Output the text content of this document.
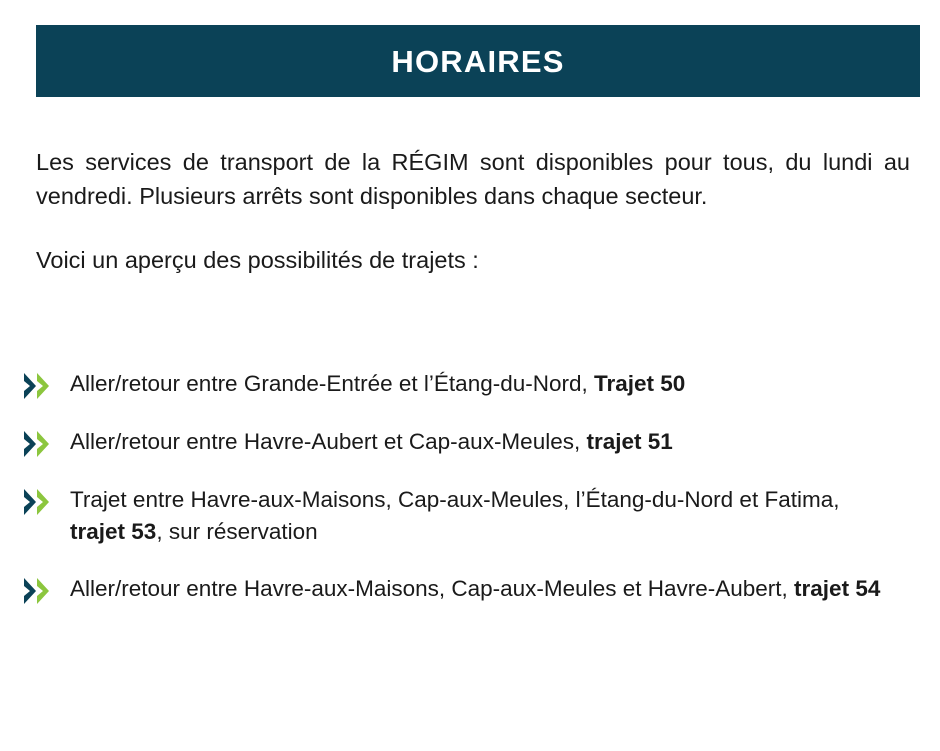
HORAIRES

Les services de transport de la RÉGIM sont disponibles pour tous, du lundi au vendredi. Plusieurs arrêts sont disponibles dans chaque secteur.

Voici un aperçu des possibilités de trajets :

Aller/retour entre Grande-Entrée et l’Étang-du-Nord, Trajet 50
Aller/retour entre Havre-Aubert et Cap-aux-Meules, trajet 51
Trajet entre Havre-aux-Maisons, Cap-aux-Meules, l’Étang-du-Nord et Fatima, trajet 53, sur réservation
Aller/retour entre Havre-aux-Maisons, Cap-aux-Meules et Havre-Aubert, trajet 54
